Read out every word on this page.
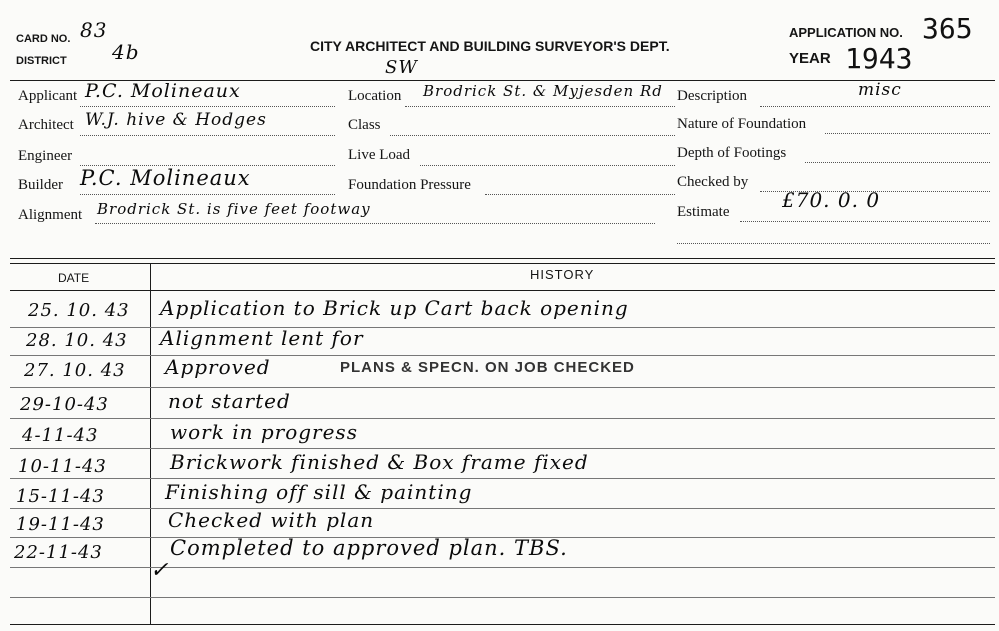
CARD NO. 83
DISTRICT 4b	CITY ARCHITECT AND BUILDING SURVEYOR'S DEPT.
SW
APPLICATION NO. 365
YEAR 1943
Applicant P.C. Molineaux
Architect W.J. hive & Hodges
Engineer
Builder P.C. Molineaux
Alignment Brodrick St. is five feet footway
Location Brodrick St. & Myjesden Rd
Class
Live Load
Foundation Pressure
Description	misc
Nature of Foundation
Depth of Footings
Checked by
Estimate	£70. 0. 0
DATE	HISTORY
25. 10. 43 Application to Brick up Cart back opening
28. 10. 43 Alignment lent for
27. 10. 43 Approved	PLANS & SPECN. ON JOB CHECKED
29-10-43	not started
4-11-43	work in progress
10-11-43	Brickwork finished & Box frame fixed
15-11-43	Finishing off sill & painting
19-11-43	Checked with plan
22-11-43	Completed to approved plan. TBS.
✓
